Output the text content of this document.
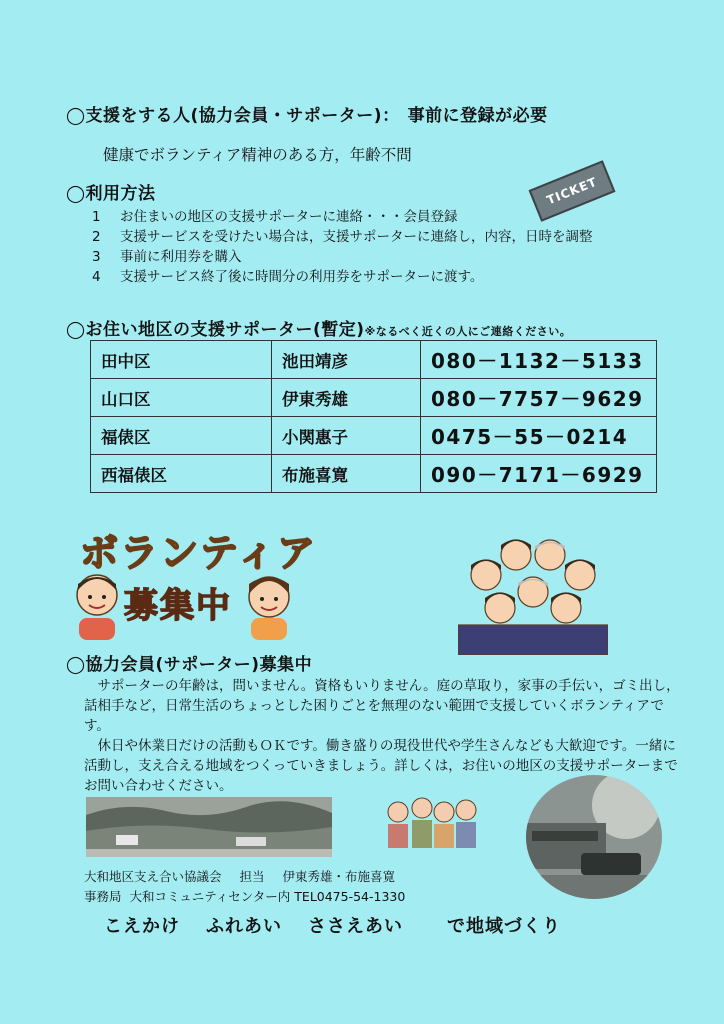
◯支援をする人(協力会員・サポーター)： 事前に登録が必要
健康でボランティア精神のある方，年齢不問
◯利用方法	TICKET
1 お住まいの地区の支援サポーターに連絡・・・会員登録
2 支援サービスを受けたい場合は，支援サポーターに連絡し，内容，日時を調整
3 事前に利用券を購入
4 支援サービス終了後に時間分の利用券をサポーターに渡す。
◯お住い地区の支援サポーター(暫定)※なるべく近くの人にご連絡ください。
田中区	池田靖彦	080－1132－5133
山口区	伊東秀雄	080－7757－9629
福俵区	小関惠子	0475－55－0214
西福俵区	布施喜寛	090－7171－6929
ボランティア
募集中
◯協力会員(サポーター)募集中

サポーターの年齢は，問いません。資格もいりません。庭の草取り，家事の手伝い，ゴミ出し，話相手など，日常生活のちょっとした困りごとを無理のない範囲で支援していくボランティアです。

休日や休業日だけの活動もＯＫです。働き盛りの現役世代や学生さんなども大歓迎です。一緒に活動し，支え合える地域をつくっていきましょう。詳しくは，お住いの地区の支援サポーターまでお問い合わせください。

大和地区支え合い協議会 担当 伊東秀雄・布施喜寛
事務局 大和コミュニティセンター内 TEL0475-54-1330
こえかけ ふれあい ささえあい で地域づくり
